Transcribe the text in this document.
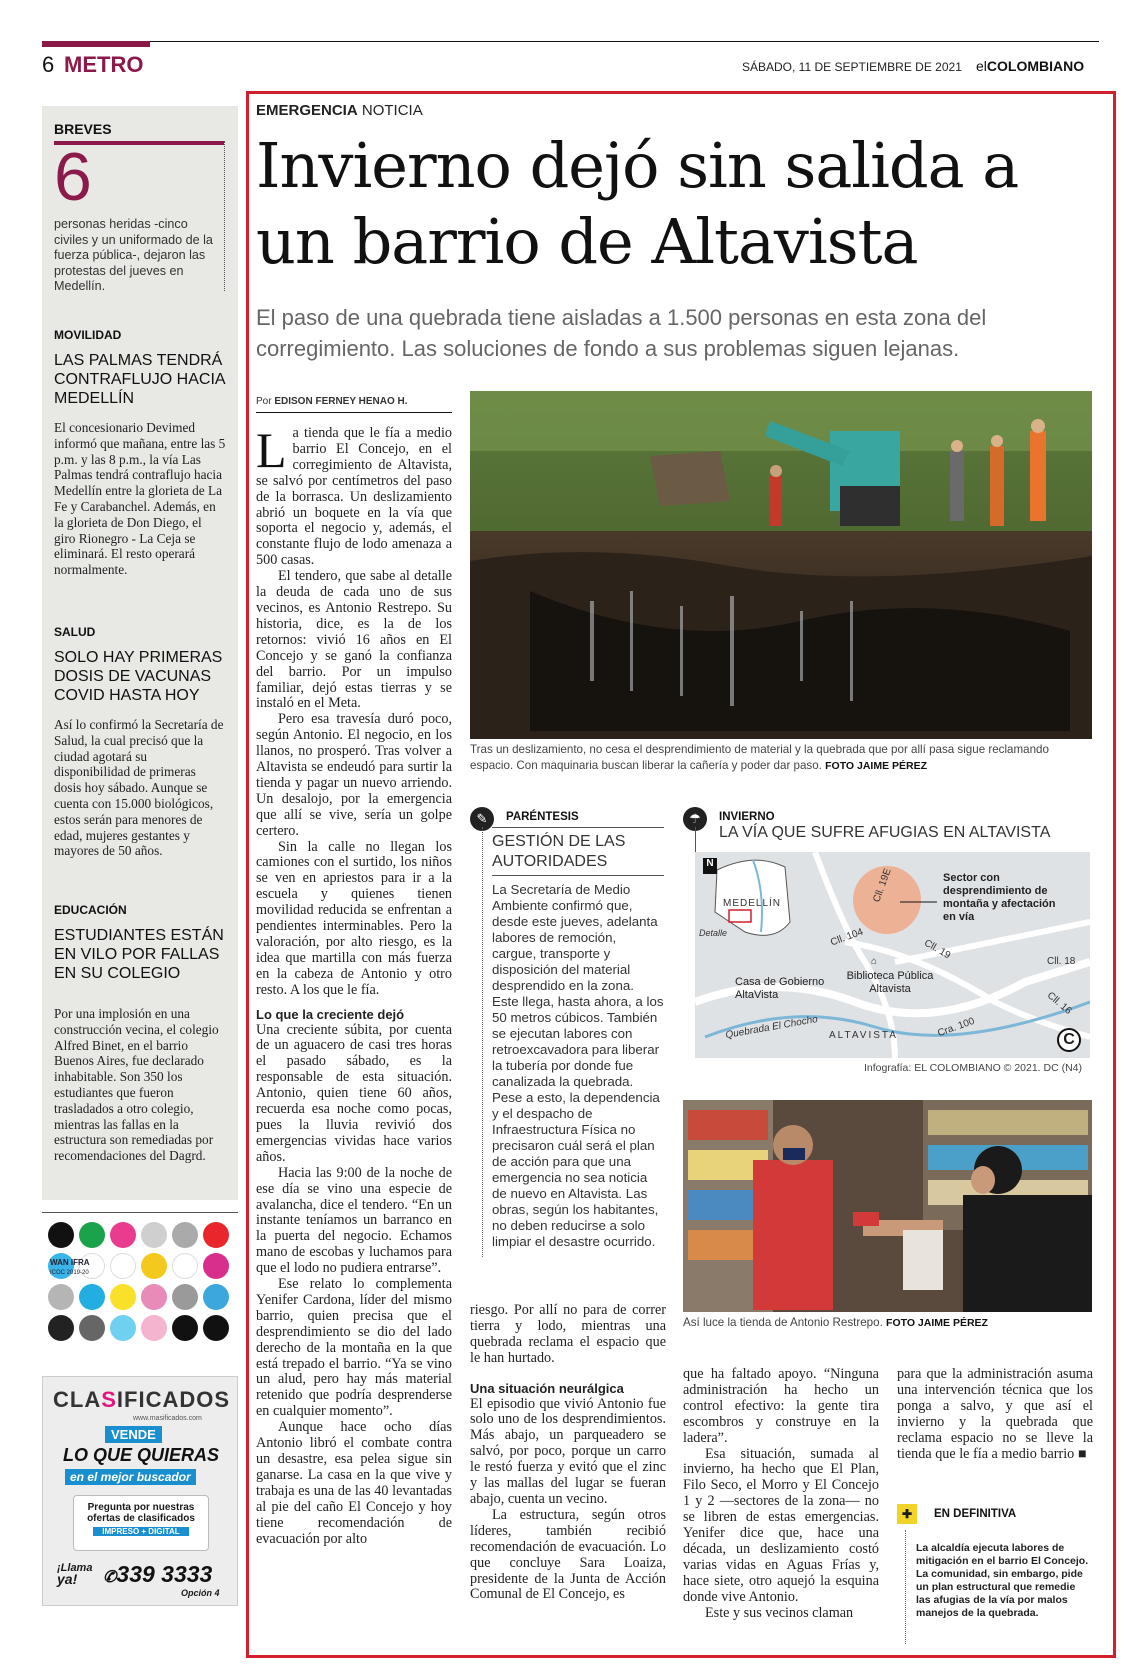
6 METRO	SÁBADO, 11 DE SEPTIEMBRE DE 2021 elCOLOMBIANO
BREVES
6
personas heridas -cinco civiles y un uniformado de la fuerza pública-, dejaron las protestas del jueves en Medellín.
MOVILIDAD
LAS PALMAS TENDRÁ CONTRAFLUJO HACIA MEDELLÍN
El concesionario Devimed informó que mañana, entre las 5 p.m. y las 8 p.m., la vía Las Palmas tendrá contraflujo hacia Medellín entre la glorieta de La Fe y Carabanchel. Además, en la glorieta de Don Diego, el giro Rionegro - La Ceja se eliminará. El resto operará normalmente.
SALUD
SOLO HAY PRIMERAS DOSIS DE VACUNAS COVID HASTA HOY
Así lo confirmó la Secretaría de Salud, la cual precisó que la ciudad agotará su disponibilidad de primeras dosis hoy sábado. Aunque se cuenta con 15.000 biológicos, estos serán para menores de edad, mujeres gestantes y mayores de 50 años.
EDUCACIÓN
ESTUDIANTES ESTÁN EN VILO POR FALLAS EN SU COLEGIO
Por una implosión en una construcción vecina, el colegio Alfred Binet, en el barrio Buenos Aires, fue declarado inhabitable. Son 350 los estudiantes que fueron trasladados a otro colegio, mientras las fallas en la estructura son remediadas por recomendaciones del Dagrd.
WAN IFRA
ICOC 2019-20
CLASIFICADOS
www.masificados.com
VENDE
LO QUE QUIERAS
en el mejor buscador
Pregunta por nuestras
ofertas de clasificados
IMPRESO + DIGITAL
¡Llama
ya!	✆339 3333
Opción 4
EMERGENCIA NOTICIA
Invierno dejó sin salida a
un barrio de Altavista
El paso de una quebrada tiene aisladas a 1.500 personas en esta zona del corregimiento. Las soluciones de fondo a sus problemas siguen lejanas.
Por EDISON FERNEY HENAO H.

La tienda que le fía a medio barrio El Concejo, en el corregimiento de Altavista, se salvó por centímetros del paso de la borrasca. Un deslizamiento abrió un boquete en la vía que soporta el negocio y, además, el constante flujo de lodo amenaza a 500 casas.

El tendero, que sabe al detalle la deuda de cada uno de sus vecinos, es Antonio Restrepo. Su historia, dice, es la de los retornos: vivió 16 años en El Concejo y se ganó la confianza del barrio. Por un impulso familiar, dejó estas tierras y se instaló en el Meta.

Pero esa travesía duró poco, según Antonio. El negocio, en los llanos, no prosperó. Tras volver a Altavista se endeudó para surtir la tienda y pagar un nuevo arriendo. Un desalojo, por la emergencia que allí se vive, sería un golpe certero.

Sin la calle no llegan los camiones con el surtido, los niños se ven en apriestos para ir a la escuela y quienes tienen movilidad reducida se enfrentan a pendientes interminables. Pero la valoración, por alto riesgo, es la idea que martilla con más fuerza en la cabeza de Antonio y otro resto. A los que le fía.

Lo que la creciente dejó

Una creciente súbita, por cuenta de un aguacero de casi tres horas el pasado sábado, es la responsable de esta situación. Antonio, quien tiene 60 años, recuerda esa noche como pocas, pues la lluvia revivió dos emergencias vividas hace varios años.

Hacia las 9:00 de la noche de ese día se vino una especie de avalancha, dice el tendero. “En un instante teníamos un barranco en la puerta del negocio. Echamos mano de escobas y luchamos para que el lodo no pudiera entrarse”.

Ese relato lo complementa Yenifer Cardona, líder del mismo barrio, quien precisa que el desprendimiento se dio del lado derecho de la montaña en la que está trepado el barrio. “Ya se vino un alud, pero hay más material retenido que podría desprenderse en cualquier momento”.

Aunque hace ocho días Antonio libró el combate contra un desastre, esa pelea sigue sin ganarse. La casa en la que vive y trabaja es una de las 40 levantadas al pie del caño El Concejo y hoy tiene recomendación de evacuación por alto

Tras un deslizamiento, no cesa el desprendimiento de material y la quebrada que por allí pasa sigue reclamando espacio. Con maquinaria buscan liberar la cañería y poder dar paso. FOTO JAIME PÉREZ
✎	PARÉNTESIS
GESTIÓN DE LAS AUTORIDADES
La Secretaría de Medio Ambiente confirmó que, desde este jueves, adelanta labores de remoción, cargue, transporte y disposición del material desprendido en la zona. Este llega, hasta ahora, a los 50 metros cúbicos. También se ejecutan labores con retroexcavadora para liberar la tubería por donde fue canalizada la quebrada. Pese a esto, la dependencia y el despacho de Infraestructura Física no precisaron cuál será el plan de acción para que una emergencia no sea noticia de nuevo en Altavista. Las obras, según los habitantes, no deben reducirse a solo limpiar el desastre ocurrido.
☂	INVIERNO
LA VÍA QUE SUFRE AFUGIAS EN ALTAVISTA
N
MEDELLÍN
Detalle
Sector con desprendimiento de montaña y afectación en vía
Cll. 19E
Cll. 104
Cll. 19
Cll. 18
Cll. 16
⌂
Biblioteca Pública Altavista
Casa de Gobierno AltaVista
Quebrada El Chocho ALTAVISTA	Cra. 100
C
Infografía: EL COLOMBIANO © 2021. DC (N4)
Así luce la tienda de Antonio Restrepo. FOTO JAIME PÉREZ

riesgo. Por allí no para de correr tierra y lodo, mientras una quebrada reclama el espacio que le han hurtado.

Una situación neurálgica

El episodio que vivió Antonio fue solo uno de los desprendimientos. Más abajo, un parqueadero se salvó, por poco, porque un carro le restó fuerza y evitó que el zinc y las mallas del lugar se fueran abajo, cuenta un vecino.

La estructura, según otros líderes, también recibió recomendación de evacuación. Lo que concluye Sara Loaiza, presidente de la Junta de Acción Comunal de El Concejo, es

que ha faltado apoyo. “Ninguna administración ha hecho un control efectivo: la gente tira escombros y construye en la ladera”.

Esa situación, sumada al invierno, ha hecho que El Plan, Filo Seco, el Morro y El Concejo 1 y 2 —sectores de la zona— no se libren de estas emergencias. Yenifer dice que, hace una década, un deslizamiento costó varias vidas en Aguas Frías y, hace siete, otro aquejó la esquina donde vive Antonio.

Este y sus vecinos claman

para que la administración asuma una intervención técnica que los ponga a salvo, y que así el invierno y la quebrada que reclama espacio no se lleve la tienda que le fía a medio barrio ■

✚	EN DEFINITIVA
La alcaldía ejecuta labores de mitigación en el barrio El Concejo. La comunidad, sin embargo, pide un plan estructural que remedie las afugias de la vía por malos manejos de la quebrada.
